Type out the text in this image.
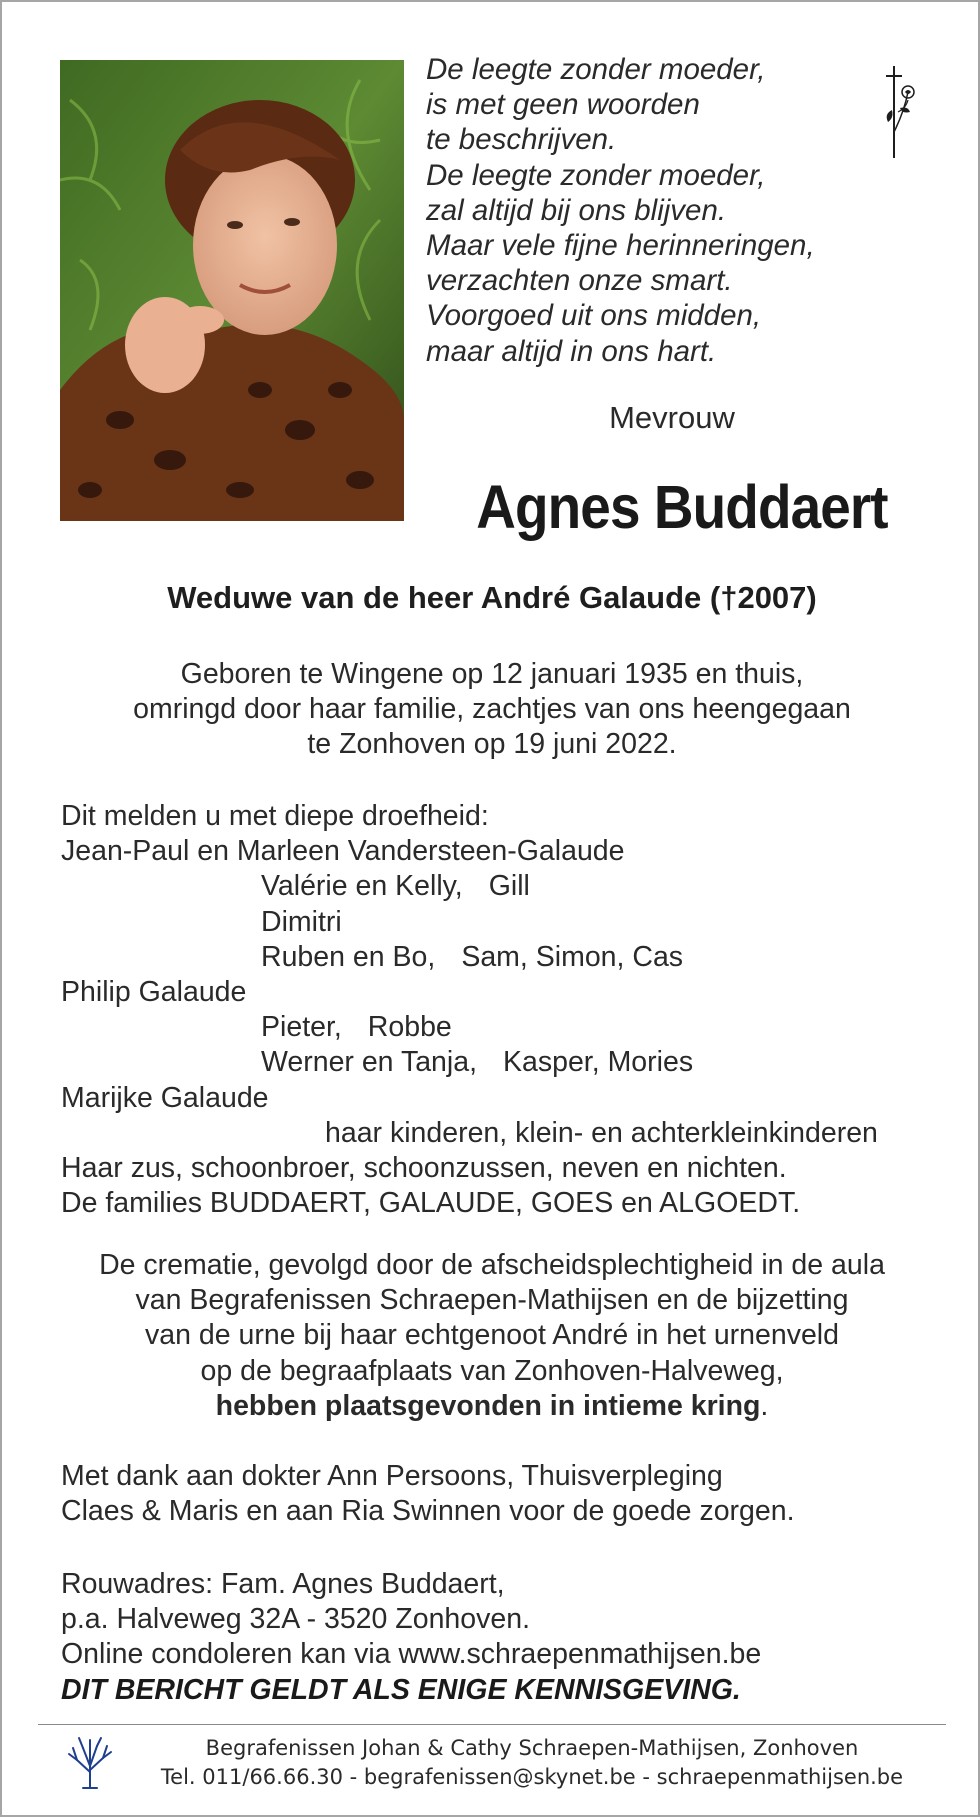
De leegte zonder moeder,
is met geen woorden
te beschrijven.
De leegte zonder moeder,
zal altijd bij ons blijven.
Maar vele fijne herinneringen,
verzachten onze smart.
Voorgoed uit ons midden,
maar altijd in ons hart.
Mevrouw
Agnes Buddaert
Weduwe van de heer André Galaude (†2007)
Geboren te Wingene op 12 januari 1935 en thuis,
omringd door haar familie, zachtjes van ons heengegaan
te Zonhoven op 19 juni 2022.
Dit melden u met diepe droefheid:
Jean-Paul en Marleen Vandersteen-Galaude
Valérie en Kelly, Gill
Dimitri
Ruben en Bo, Sam, Simon, Cas
Philip Galaude
Pieter, Robbe
Werner en Tanja, Kasper, Mories
Marijke Galaude
haar kinderen, klein- en achterkleinkinderen
Haar zus, schoonbroer, schoonzussen, neven en nichten.
De families BUDDAERT, GALAUDE, GOES en ALGOEDT.
De crematie, gevolgd door de afscheidsplechtigheid in de aula
van Begrafenissen Schraepen-Mathijsen en de bijzetting
van de urne bij haar echtgenoot André in het urnenveld
op de begraafplaats van Zonhoven-Halveweg,
hebben plaatsgevonden in intieme kring.
Met dank aan dokter Ann Persoons, Thuisverpleging
Claes & Maris en aan Ria Swinnen voor de goede zorgen.
Rouwadres: Fam. Agnes Buddaert,
p.a. Halveweg 32A - 3520 Zonhoven.
Online condoleren kan via www.schraepenmathijsen.be
DIT BERICHT GELDT ALS ENIGE KENNISGEVING.
Begrafenissen Johan & Cathy Schraepen-Mathijsen, Zonhoven
Tel. 011/66.66.30 - begrafenissen@skynet.be - schraepenmathijsen.be
